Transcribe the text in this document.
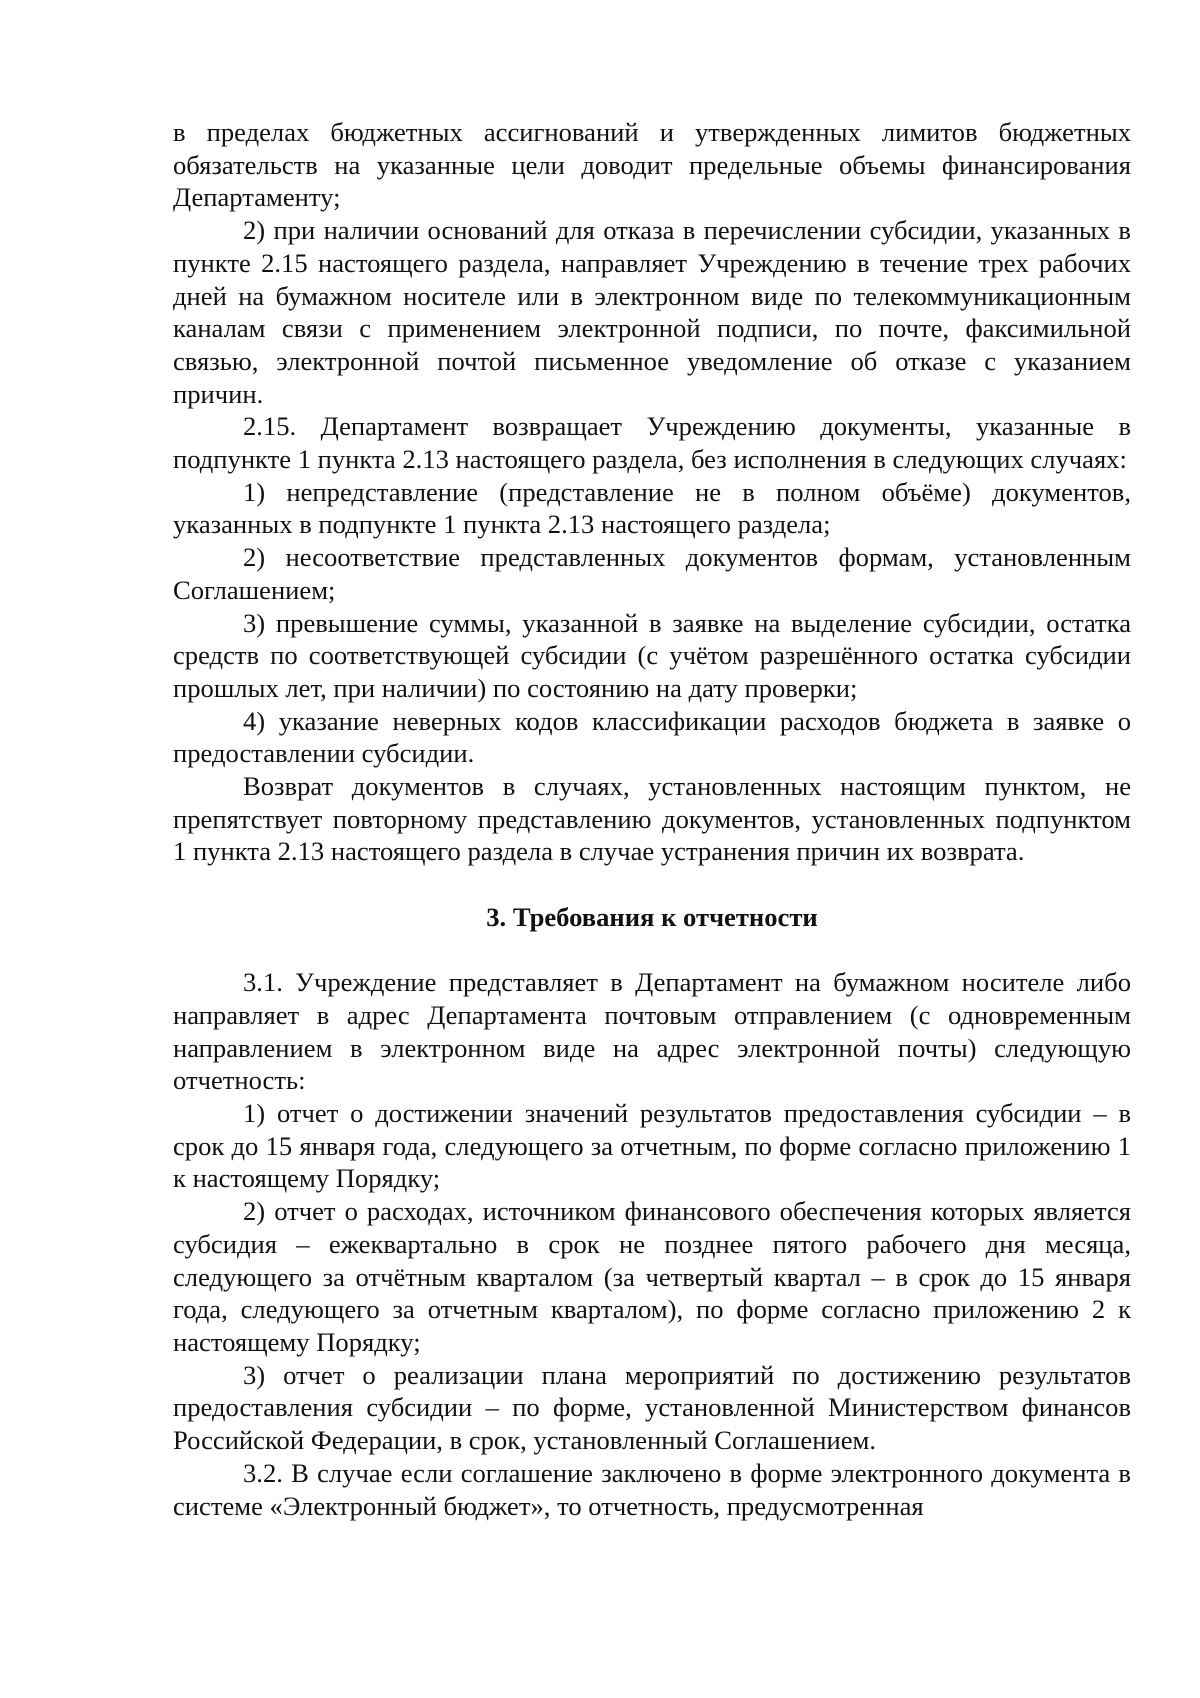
в пределах бюджетных ассигнований и утвержденных лимитов бюджетных обязательств на указанные цели доводит предельные объемы финансирования Департаменту;

2) при наличии оснований для отказа в перечислении субсидии, указанных в пункте 2.15 настоящего раздела, направляет Учреждению в течение трех рабочих дней на бумажном носителе или в электронном виде по телекоммуникационным каналам связи с применением электронной подписи, по почте, факсимильной связью, электронной почтой письменное уведомление об отказе с указанием причин.

2.15. Департамент возвращает Учреждению документы, указанные в подпункте 1 пункта 2.13 настоящего раздела, без исполнения в следующих случаях:

1) непредставление (представление не в полном объёме) документов, указанных в подпункте 1 пункта 2.13 настоящего раздела;

2) несоответствие представленных документов формам, установленным Соглашением;

3) превышение суммы, указанной в заявке на выделение субсидии, остатка средств по соответствующей субсидии (с учётом разрешённого остатка субсидии прошлых лет, при наличии) по состоянию на дату проверки;

4) указание неверных кодов классификации расходов бюджета в заявке о предоставлении субсидии.

Возврат документов в случаях, установленных настоящим пунктом, не препятствует повторному представлению документов, установленных подпунктом 1 пункта 2.13 настоящего раздела в случае устранения причин их возврата.

3. Требования к отчетности

3.1. Учреждение представляет в Департамент на бумажном носителе либо направляет в адрес Департамента почтовым отправлением (с одновременным направлением в электронном виде на адрес электронной почты) следующую отчетность:

1) отчет о достижении значений результатов предоставления субсидии – в срок до 15 января года, следующего за отчетным, по форме согласно приложению 1 к настоящему Порядку;

2) отчет о расходах, источником финансового обеспечения которых является субсидия – ежеквартально в срок не позднее пятого рабочего дня месяца, следующего за отчётным кварталом (за четвертый квартал – в срок до 15 января года, следующего за отчетным кварталом), по форме согласно приложению 2 к настоящему Порядку;

3) отчет о реализации плана мероприятий по достижению результатов предоставления субсидии – по форме, установленной Министерством финансов Российской Федерации, в срок, установленный Соглашением.

3.2. В случае если соглашение заключено в форме электронного документа в системе «Электронный бюджет», то отчетность, предусмотренная
